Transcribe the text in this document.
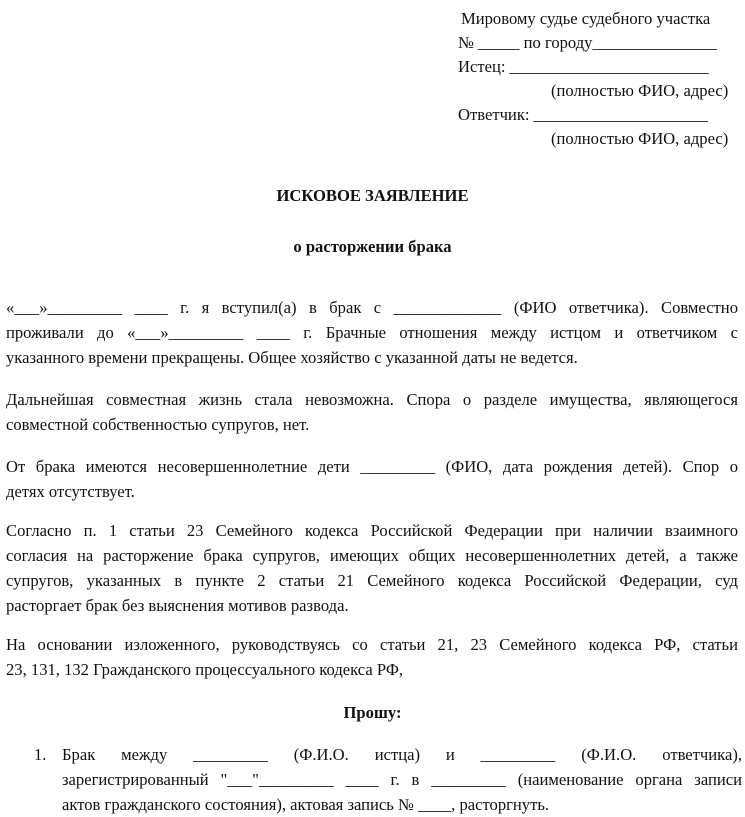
Мировому судье судебного участка
№ _____ по городу_______________
Истец: ________________________
(полностью ФИО, адрес)
Ответчик: _____________________
(полностью ФИО, адрес)
ИСКОВОЕ ЗАЯВЛЕНИЕ
о расторжении брака
«___»_________ ____ г. я вступил(а) в брак с _____________ (ФИО ответчика). Совместно
проживали до «___»_________ ____ г. Брачные отношения между истцом и ответчиком с
указанного времени прекращены. Общее хозяйство с указанной даты не ведется.
Дальнейшая совместная жизнь стала невозможна. Спора о разделе имущества, являющегося
совместной собственностью супругов, нет.
От брака имеются несовершеннолетние дети _________ (ФИО, дата рождения детей). Спор о
детях отсутствует.
Согласно п. 1 статьи 23 Семейного кодекса Российской Федерации при наличии взаимного
согласия на расторжение брака супругов, имеющих общих несовершеннолетних детей, а также
супругов, указанных в пункте 2 статьи 21 Семейного кодекса Российской Федерации, суд
расторгает брак без выяснения мотивов развода.
На основании изложенного, руководствуясь со статьи 21, 23 Семейного кодекса РФ, статьи
23, 131, 132 Гражданского процессуального кодекса РФ,
Прошу:
1. Брак между _________ (Ф.И.О. истца) и _________ (Ф.И.О. ответчика),
зарегистрированный "___"_________ ____ г. в _________ (наименование органа записи
актов гражданского состояния), актовая запись № ____, расторгнуть.
